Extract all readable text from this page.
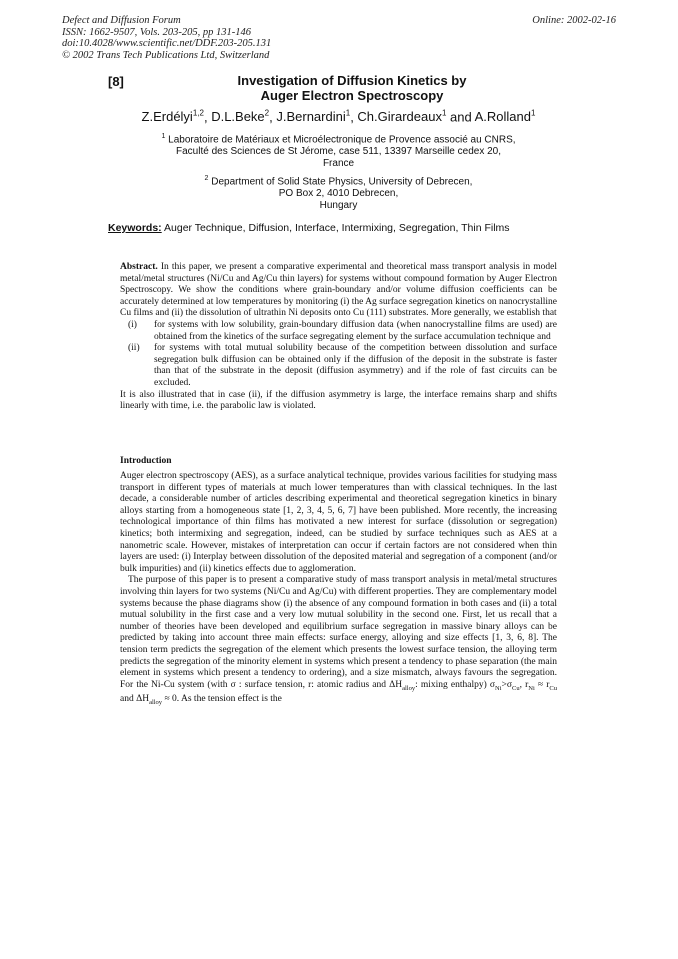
Defect and Diffusion Forum
ISSN: 1662-9507, Vols. 203-205, pp 131-146
doi:10.4028/www.scientific.net/DDF.203-205.131
© 2002 Trans Tech Publications Ltd, Switzerland
Online: 2002-02-16
[8]	Investigation of Diffusion Kinetics by
Auger Electron Spectroscopy
Z.Erdélyi$^{1,2}$, D.L.Beke$^2$, J.Bernardini$^1$, Ch.Girardeaux$^1$ and A.Rolland$^1$
$^1$ Laboratoire de Matériaux et Microélectronique de Provence associé au CNRS,
Faculté des Sciences de St Jérome, case 511, 13397 Marseille cedex 20,
France
$^2$ Department of Solid State Physics, University of Debrecen,
PO Box 2, 4010 Debrecen,
Hungary
Keywords: Auger Technique, Diffusion, Interface, Intermixing, Segregation, Thin Films

Abstract. In this paper, we present a comparative experimental and theoretical mass transport analysis in model metal/metal structures (Ni/Cu and Ag/Cu thin layers) for systems without compound formation by Auger Electron Spectroscopy. We show the conditions where grain-boundary and/or volume diffusion coefficients can be accurately determined at low temperatures by monitoring (i) the Ag surface segregation kinetics on nanocrystalline Cu films and (ii) the dissolution of ultrathin Ni deposits onto Cu (111) substrates. More generally, we establish that

(i)	for systems with low solubility, grain-boundary diffusion data (when nanocrystalline films are used) are obtained from the kinetics of the surface segregating element by the surface accumulation technique and
(ii)	for systems with total mutual solubility because of the competition between dissolution and surface segregation bulk diffusion can be obtained only if the diffusion of the deposit in the substrate is faster than that of the substrate in the deposit (diffusion asymmetry) and if the role of fast circuits can be excluded.

It is also illustrated that in case (ii), if the diffusion asymmetry is large, the interface remains sharp and shifts linearly with time, i.e. the parabolic law is violated.

Introduction

Auger electron spectroscopy (AES), as a surface analytical technique, provides various facilities for studying mass transport in different types of materials at much lower temperatures than with classical techniques. In the last decade, a considerable number of articles describing experimental and theoretical segregation kinetics in binary alloys starting from a homogeneous state [1, 2, 3, 4, 5, 6, 7] have been published. More recently, the increasing technological importance of thin films has motivated a new interest for surface (dissolution or segregation) kinetics; both intermixing and segregation, indeed, can be studied by surface techniques such as AES at a nanometric scale. However, mistakes of interpretation can occur if certain factors are not considered when thin layers are used: (i) Interplay between dissolution of the deposited material and segregation of a component (and/or bulk impurities) and (ii) kinetics effects due to agglomeration.

The purpose of this paper is to present a comparative study of mass transport analysis in metal/metal structures involving thin layers for two systems (Ni/Cu and Ag/Cu) with different properties. They are complementary model systems because the phase diagrams show (i) the absence of any compound formation in both cases and (ii) a total mutual solubility in the first case and a very low mutual solubility in the second one. First, let us recall that a number of theories have been developed and equilibrium surface segregation in massive binary alloys can be predicted by taking into account three main effects: surface energy, alloying and size effects [1, 3, 6, 8]. The tension term predicts the segregation of the element which presents the lowest surface tension, the alloying term predicts the segregation of the minority element in systems which present a tendency to phase separation (the main element in systems which present a tendency to ordering), and a size mismatch, always favours the segregation. For the Ni-Cu system (with σ : surface tension, r: atomic radius and $\Delta H_{alloy}$: mixing enthalpy) $\sigma_{Ni}>\sigma_{Cu}$, $r_{Ni} \approx r_{Cu}$ and $\Delta H_{alloy} \approx 0$. As the tension effect is the
